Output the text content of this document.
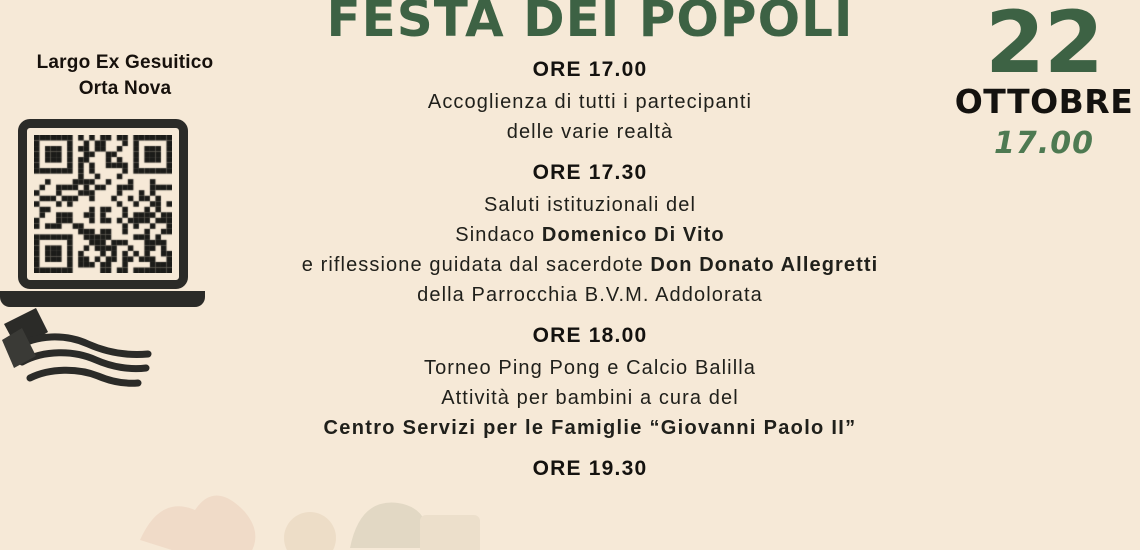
Largo Ex Gesuitico
Orta Nova
FESTA DEI POPOLI
ORE 17.00
Accoglienza di tutti i partecipanti
delle varie realtà
ORE 17.30
Saluti istituzionali del
Sindaco Domenico Di Vito
e riflessione guidata dal sacerdote Don Donato Allegretti
della Parrocchia B.V.M. Addolorata
ORE 18.00
Torneo Ping Pong e Calcio Balilla
Attività per bambini a cura del
Centro Servizi per le Famiglie “Giovanni Paolo II”
ORE 19.30
22
OTTOBRE
17.00
